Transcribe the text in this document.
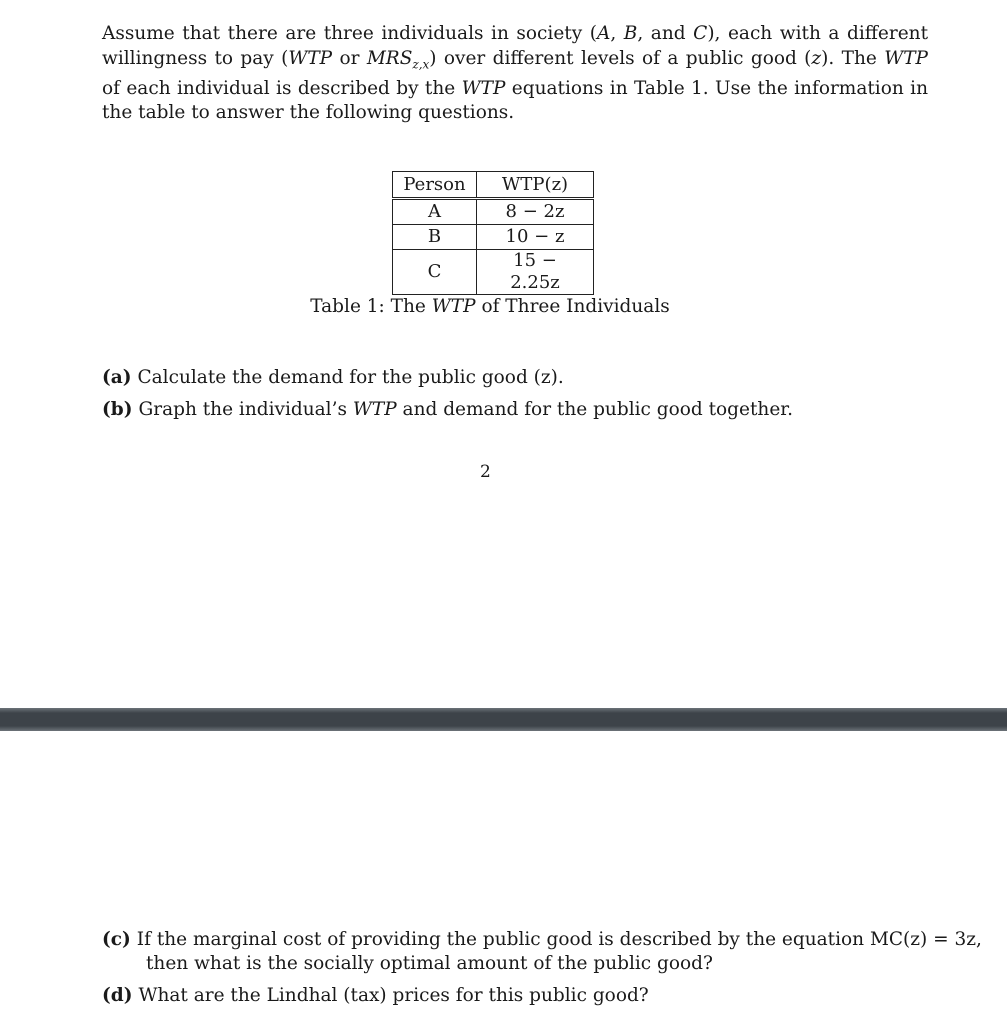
Assume that there are three individuals in society (A, B, and C), each with a different willingness to pay (WTP or $MRS_{z,x}$) over different levels of a public good (z). The WTP of each individual is described by the WTP equations in Table 1. Use the information in the table to answer the following questions.

Person	WTP(z)
A	8 − 2z
B	10 − z
C	15 − 2.25z
Table 1: The WTP of Three Individuals
(a) Calculate the demand for the public good (z).
(b) Graph the individual’s WTP and demand for the public good together.
2
(c) If the marginal cost of providing the public good is described by the equation MC(z) = 3z,
then what is the socially optimal amount of the public good?
(d) What are the Lindhal (tax) prices for this public good?
